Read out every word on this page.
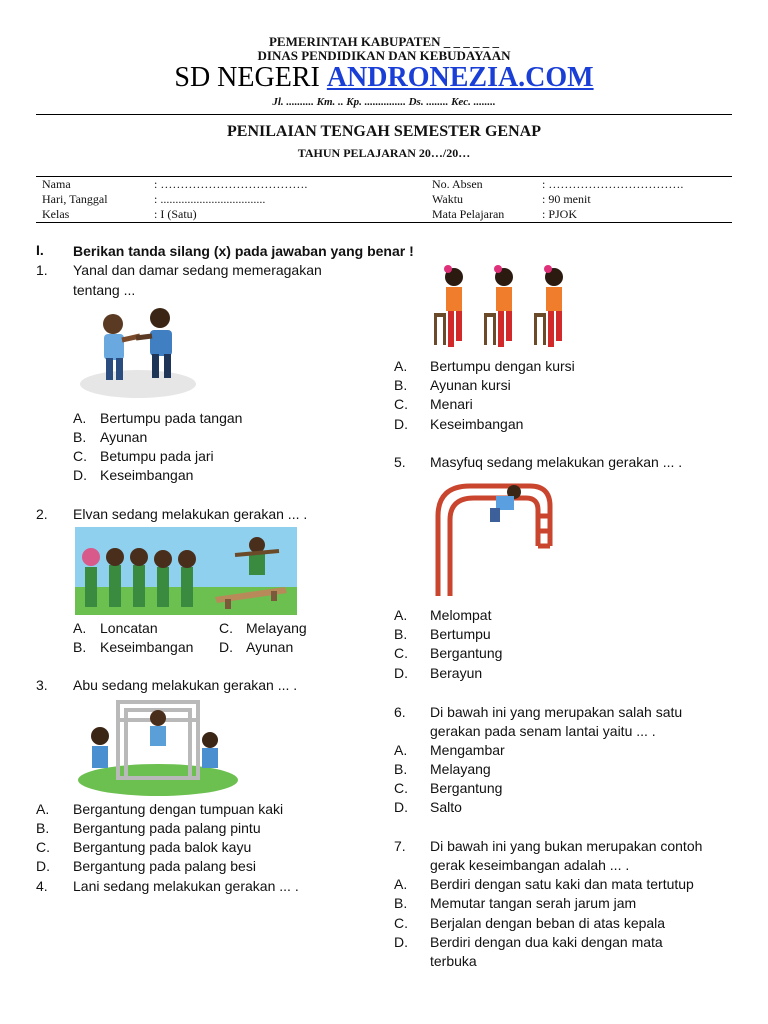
PEMERINTAH KABUPATEN _ _ _ _ _ _
DINAS PENDIDIKAN DAN KEBUDAYAAN
SD NEGERI ANDRONEZIA.COM
Jl. .......... Km. .. Kp. ............... Ds. ........ Kec. ........
PENILAIAN TENGAH SEMESTER GENAP
TAHUN PELAJARAN 20…/20…
Nama	: ……………………………….	No. Absen	: …………………………….
Hari, Tanggal	: ...................................	Waktu	: 90 menit
Kelas	: I (Satu)	Mata Pelajaran	: PJOK
I. Berikan tanda silang (x) pada jawaban yang benar !
1. Yanal dan damar sedang memeragakan
tentang ...
A. Bertumpu pada tangan
B. Ayunan
C. Betumpu pada jari
D. Keseimbangan
2. Elvan sedang melakukan gerakan ... .
A. Loncatan
B. Keseimbangan
C. Melayang
D. Ayunan
3. Abu sedang melakukan gerakan ... .
A. Bergantung dengan tumpuan kaki
B. Bergantung pada palang pintu
C. Bergantung pada balok kayu
D. Bergantung pada palang besi
4. Lani sedang melakukan gerakan ... .
A. Bertumpu dengan kursi
B. Ayunan kursi
C. Menari
D. Keseimbangan
5. Masyfuq sedang melakukan gerakan ... .
A. Melompat
B. Bertumpu
C. Bergantung
D. Berayun
6. Di bawah ini yang merupakan salah satu
gerakan pada senam lantai yaitu ... .
A. Mengambar
B. Melayang
C. Bergantung
D. Salto
7. Di bawah ini yang bukan merupakan contoh
gerak keseimbangan adalah ... .
A. Berdiri dengan satu kaki dan mata tertutup
B. Memutar tangan serah jarum jam
C. Berjalan dengan beban di atas kepala
D. Berdiri dengan dua kaki dengan mata
terbuka
